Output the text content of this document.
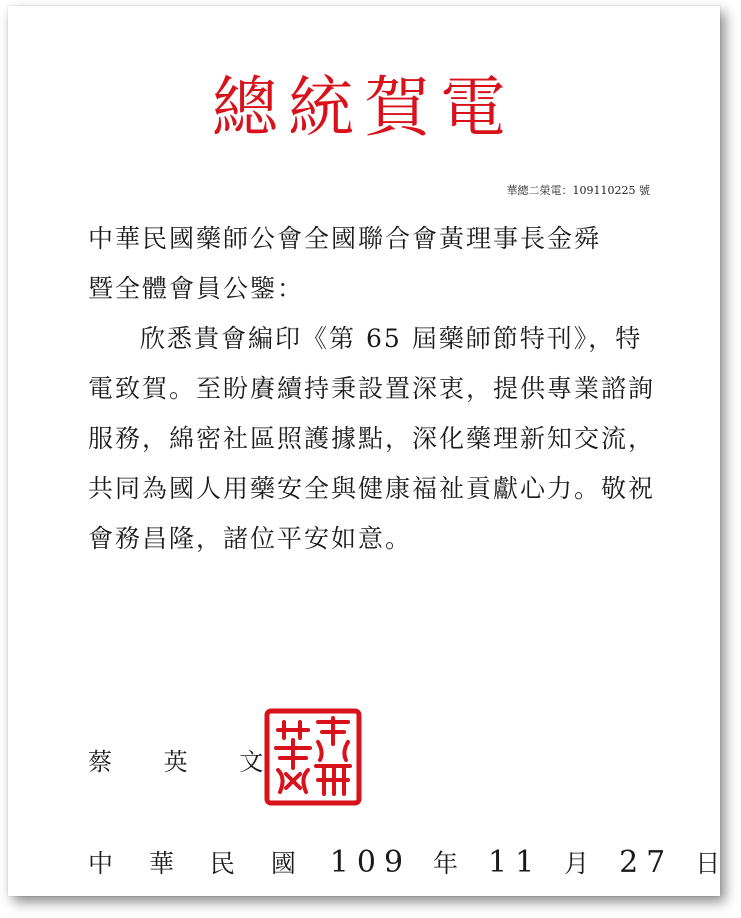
總統賀電
華總二榮電：109110225 號

中華民國藥師公會全國聯合會黃理事長金舜

暨全體會員公鑒：

欣悉貴會編印《第 65 屆藥師節特刊》，特電致賀。至盼賡續持秉設置深衷，提供專業諮詢服務，綿密社區照護據點，深化藥理新知交流，共同為國人用藥安全與健康福祉貢獻心力。敬祝會務昌隆，諸位平安如意。

蔡 英 文
中 華 民 國 109 年 11 月 27 日
